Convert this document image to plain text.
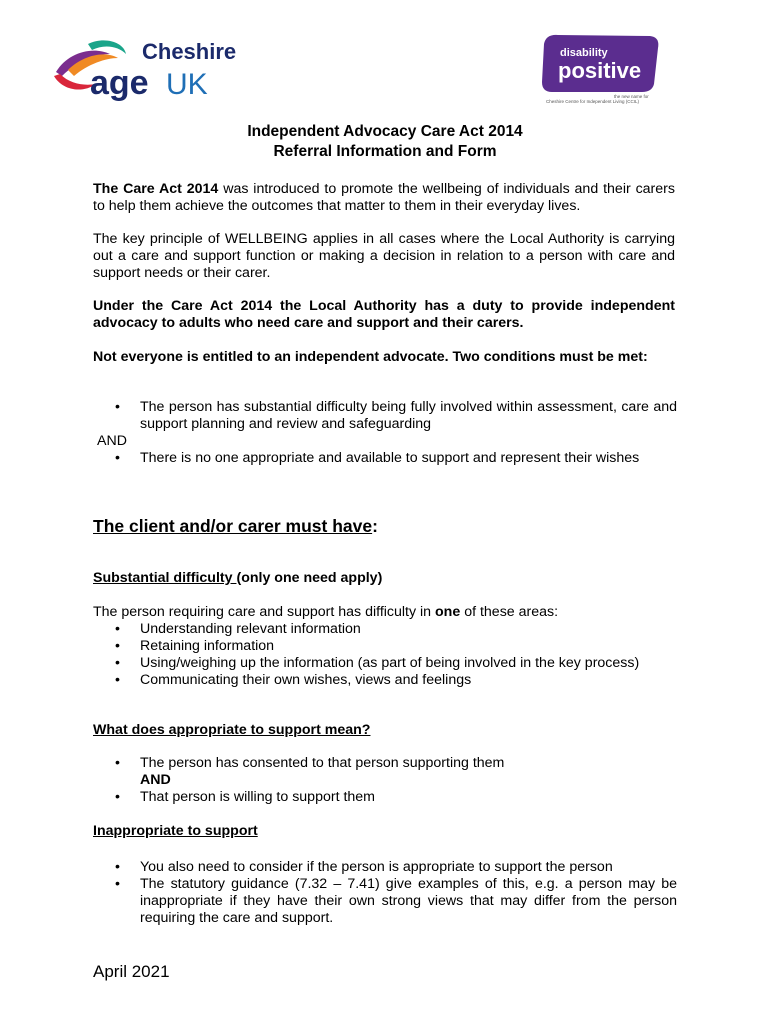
Cheshire
age UK
disability
positive
the new name for
Cheshire Centre for Independent Living (CCIL)
Independent Advocacy Care Act 2014
Referral Information and Form
The Care Act 2014 was introduced to promote the wellbeing of individuals and their carers to help them achieve the outcomes that matter to them in their everyday lives.
The key principle of WELLBEING applies in all cases where the Local Authority is carrying out a care and support function or making a decision in relation to a person with care and support needs or their carer.
Under the Care Act 2014 the Local Authority has a duty to provide independent advocacy to adults who need care and support and their carers.
Not everyone is entitled to an independent advocate. Two conditions must be met:
• The person has substantial difficulty being fully involved within assessment, care and support planning and review and safeguarding
AND
• There is no one appropriate and available to support and represent their wishes
The client and/or carer must have:
Substantial difficulty (only one need apply)
The person requiring care and support has difficulty in one of these areas:
• Understanding relevant information
• Retaining information
• Using/weighing up the information (as part of being involved in the key process)
• Communicating their own wishes, views and feelings
What does appropriate to support mean?
• The person has consented to that person supporting them
AND
• That person is willing to support them
Inappropriate to support
• You also need to consider if the person is appropriate to support the person
• The statutory guidance (7.32 – 7.41) give examples of this, e.g. a person may be inappropriate if they have their own strong views that may differ from the person requiring the care and support.
April 2021
